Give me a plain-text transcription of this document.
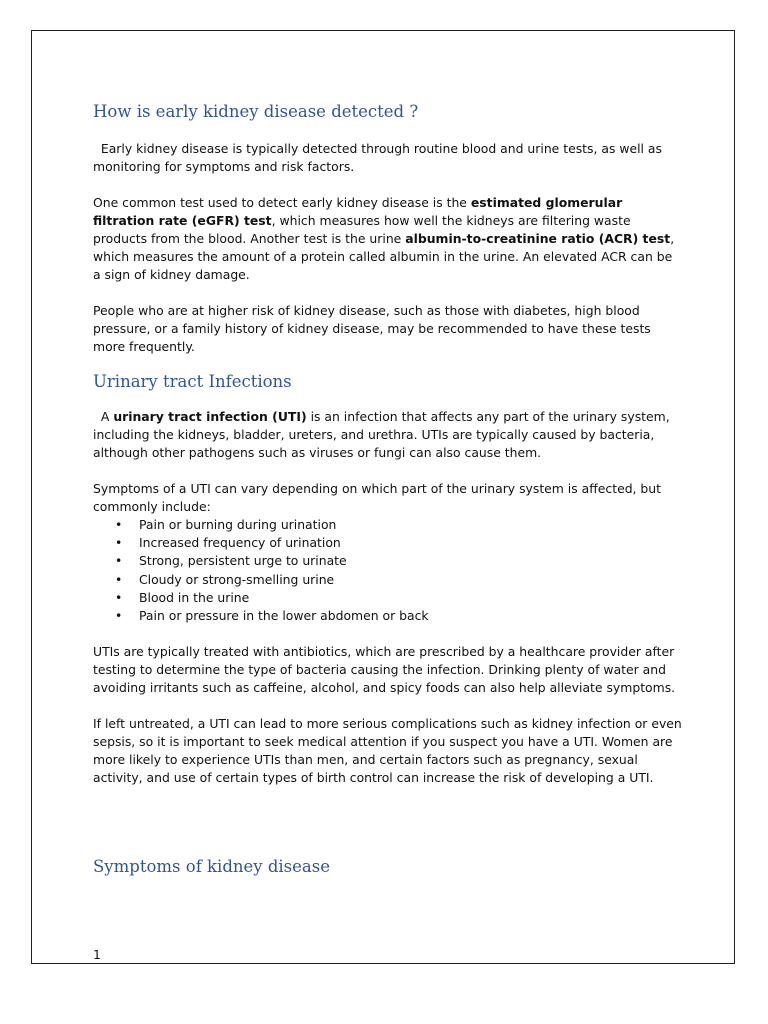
How is early kidney disease detected ?

Early kidney disease is typically detected through routine blood and urine tests, as well as monitoring for symptoms and risk factors.

One common test used to detect early kidney disease is the estimated glomerular filtration rate (eGFR) test, which measures how well the kidneys are filtering waste products from the blood. Another test is the urine albumin-to-creatinine ratio (ACR) test, which measures the amount of a protein called albumin in the urine. An elevated ACR can be a sign of kidney damage.

People who are at higher risk of kidney disease, such as those with diabetes, high blood pressure, or a family history of kidney disease, may be recommended to have these tests more frequently.

Urinary tract Infections

A urinary tract infection (UTI) is an infection that affects any part of the urinary system, including the kidneys, bladder, ureters, and urethra. UTIs are typically caused by bacteria, although other pathogens such as viruses or fungi can also cause them.

Symptoms of a UTI can vary depending on which part of the urinary system is affected, but commonly include:

• Pain or burning during urination
• Increased frequency of urination
• Strong, persistent urge to urinate
• Cloudy or strong-smelling urine
• Blood in the urine
• Pain or pressure in the lower abdomen or back

UTIs are typically treated with antibiotics, which are prescribed by a healthcare provider after testing to determine the type of bacteria causing the infection. Drinking plenty of water and avoiding irritants such as caffeine, alcohol, and spicy foods can also help alleviate symptoms.

If left untreated, a UTI can lead to more serious complications such as kidney infection or even sepsis, so it is important to seek medical attention if you suspect you have a UTI. Women are more likely to experience UTIs than men, and certain factors such as pregnancy, sexual activity, and use of certain types of birth control can increase the risk of developing a UTI.

Symptoms of kidney disease
1
